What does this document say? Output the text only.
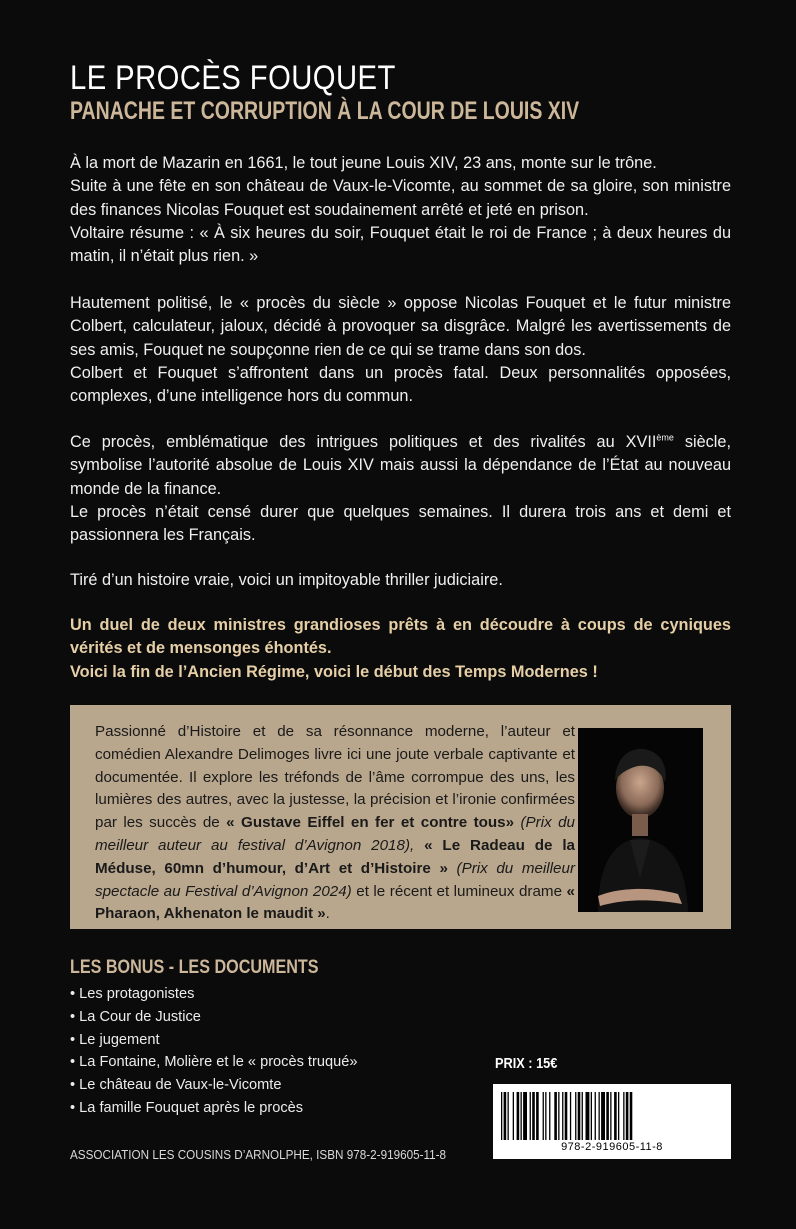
LE PROCÈS FOUQUET
PANACHE ET CORRUPTION À LA COUR DE LOUIS XIV

À la mort de Mazarin en 1661, le tout jeune Louis XIV, 23 ans, monte sur le trône.

Suite à une fête en son château de Vaux-le-Vicomte, au sommet de sa gloire, son ministre des finances Nicolas Fouquet est soudainement arrêté et jeté en prison.

Voltaire résume : « À six heures du soir, Fouquet était le roi de France ; à deux heures du matin, il n’était plus rien. »

Hautement politisé, le « procès du siècle » oppose Nicolas Fouquet et le futur ministre Colbert, calculateur, jaloux, décidé à provoquer sa disgrâce. Malgré les avertissements de ses amis, Fouquet ne soupçonne rien de ce qui se trame dans son dos.

Colbert et Fouquet s’affrontent dans un procès fatal. Deux personnalités opposées, complexes, d’une intelligence hors du commun.

Ce procès, emblématique des intrigues politiques et des rivalités au XVIIème siècle, symbolise l’autorité absolue de Louis XIV mais aussi la dépendance de l’État au nouveau monde de la finance.

Le procès n’était censé durer que quelques semaines. Il durera trois ans et demi et passionnera les Français.

Tiré d’un histoire vraie, voici un impitoyable thriller judiciaire.

Un duel de deux ministres grandioses prêts à en découdre à coups de cyniques vérités et de mensonges éhontés.

Voici la fin de l’Ancien Régime, voici le début des Temps Modernes !

Passionné d’Histoire et de sa résonnance moderne, l’auteur et comédien Alexandre Delimoges livre ici une joute verbale captivante et documentée. Il explore les tréfonds de l’âme corrompue des uns, les lumières des autres, avec la justesse, la précision et l’ironie confirmées par les succès de « Gustave Eiffel en fer et contre tous» (Prix du meilleur auteur au festival d’Avignon 2018), « Le Radeau de la Méduse, 60mn d’humour, d’Art et d’Histoire » (Prix du meilleur spectacle au Festival d’Avignon 2024) et le récent et lumineux drame « Pharaon, Akhenaton le maudit ».
LES BONUS - LES DOCUMENTS
• Les protagonistes
• La Cour de Justice
• Le jugement
• La Fontaine, Molière et le « procès truqué»
• Le château de Vaux-le-Vicomte
• La famille Fouquet après le procès
PRIX : 15€
978-2-919605-11-8
ASSOCIATION LES COUSINS D’ARNOLPHE, ISBN 978-2-919605-11-8
